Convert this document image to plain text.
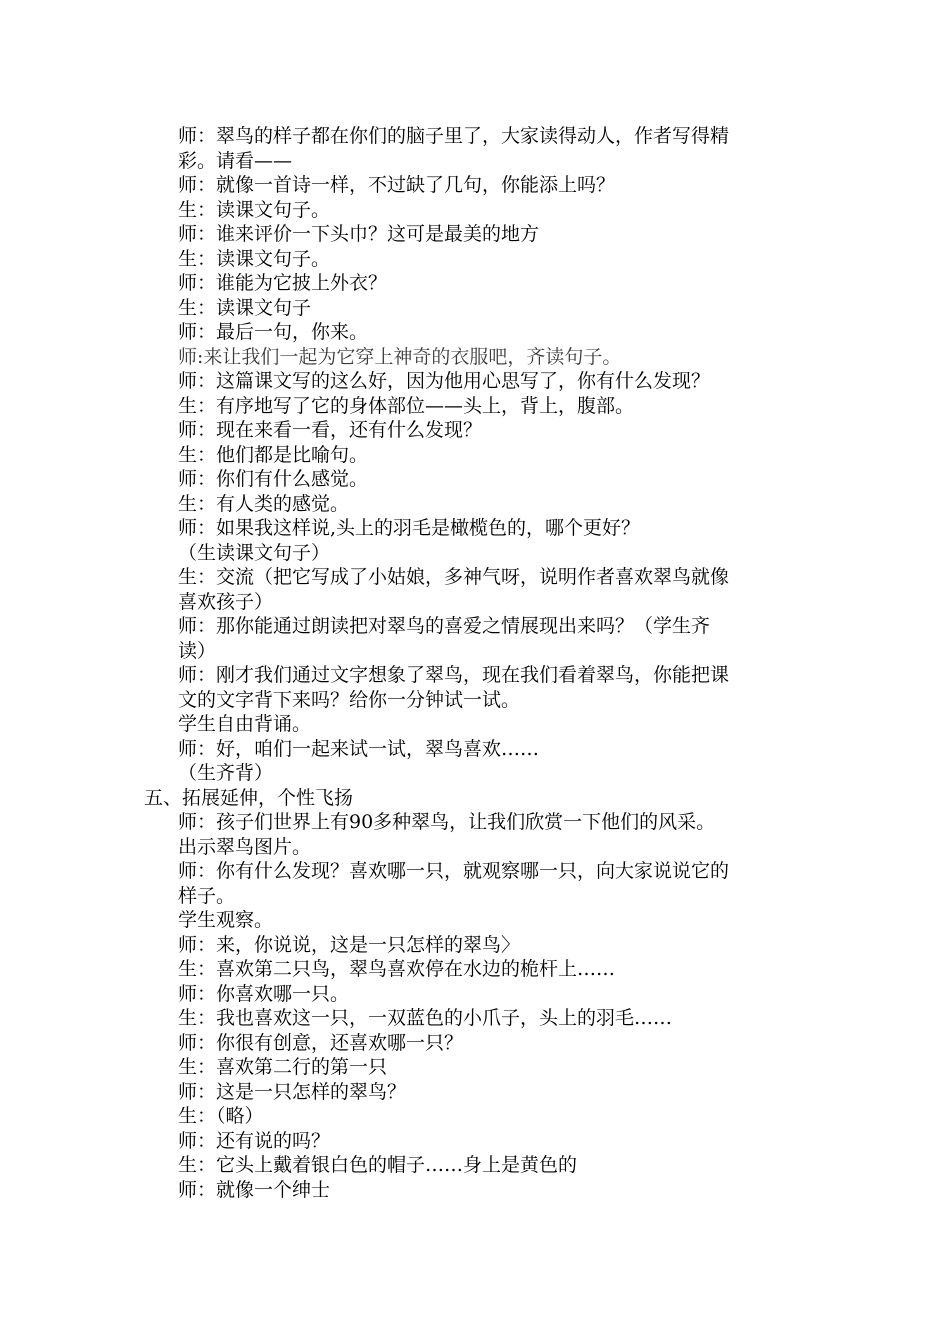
师：翠鸟的样子都在你们的脑子里了，大家读得动人，作者写得精
彩。请看——
师：就像一首诗一样，不过缺了几句，你能添上吗？
生：读课文句子。
师：谁来评价一下头巾？这可是最美的地方
生：读课文句子。
师：谁能为它披上外衣？
生：读课文句子
师：最后一句，你来。
师:来让我们一起为它穿上神奇的衣服吧，齐读句子。
师：这篇课文写的这么好，因为他用心思写了，你有什么发现？
生：有序地写了它的身体部位——头上，背上，腹部。
师：现在来看一看，还有什么发现？
生：他们都是比喻句。
师：你们有什么感觉。
生：有人类的感觉。
师：如果我这样说,头上的羽毛是橄榄色的，哪个更好？
（生读课文句子）
生：交流（把它写成了小姑娘，多神气呀，说明作者喜欢翠鸟就像
喜欢孩子）
师：那你能通过朗读把对翠鸟的喜爱之情展现出来吗？（学生齐
读）
师：刚才我们通过文字想象了翠鸟，现在我们看着翠鸟，你能把课
文的文字背下来吗？给你一分钟试一试。
学生自由背诵。
师：好，咱们一起来试一试，翠鸟喜欢……
（生齐背）
五、拓展延伸，个性飞扬
师：孩子们世界上有90多种翠鸟，让我们欣赏一下他们的风采。
出示翠鸟图片。
师：你有什么发现？喜欢哪一只，就观察哪一只，向大家说说它的
样子。
学生观察。
师：来，你说说，这是一只怎样的翠鸟〉
生：喜欢第二只鸟，翠鸟喜欢停在水边的桅杆上……
师：你喜欢哪一只。
生：我也喜欢这一只，一双蓝色的小爪子，头上的羽毛……
师：你很有创意，还喜欢哪一只？
生：喜欢第二行的第一只
师：这是一只怎样的翠鸟？
生：（略）
师：还有说的吗？
生：它头上戴着银白色的帽子……身上是黄色的
师：就像一个绅士
